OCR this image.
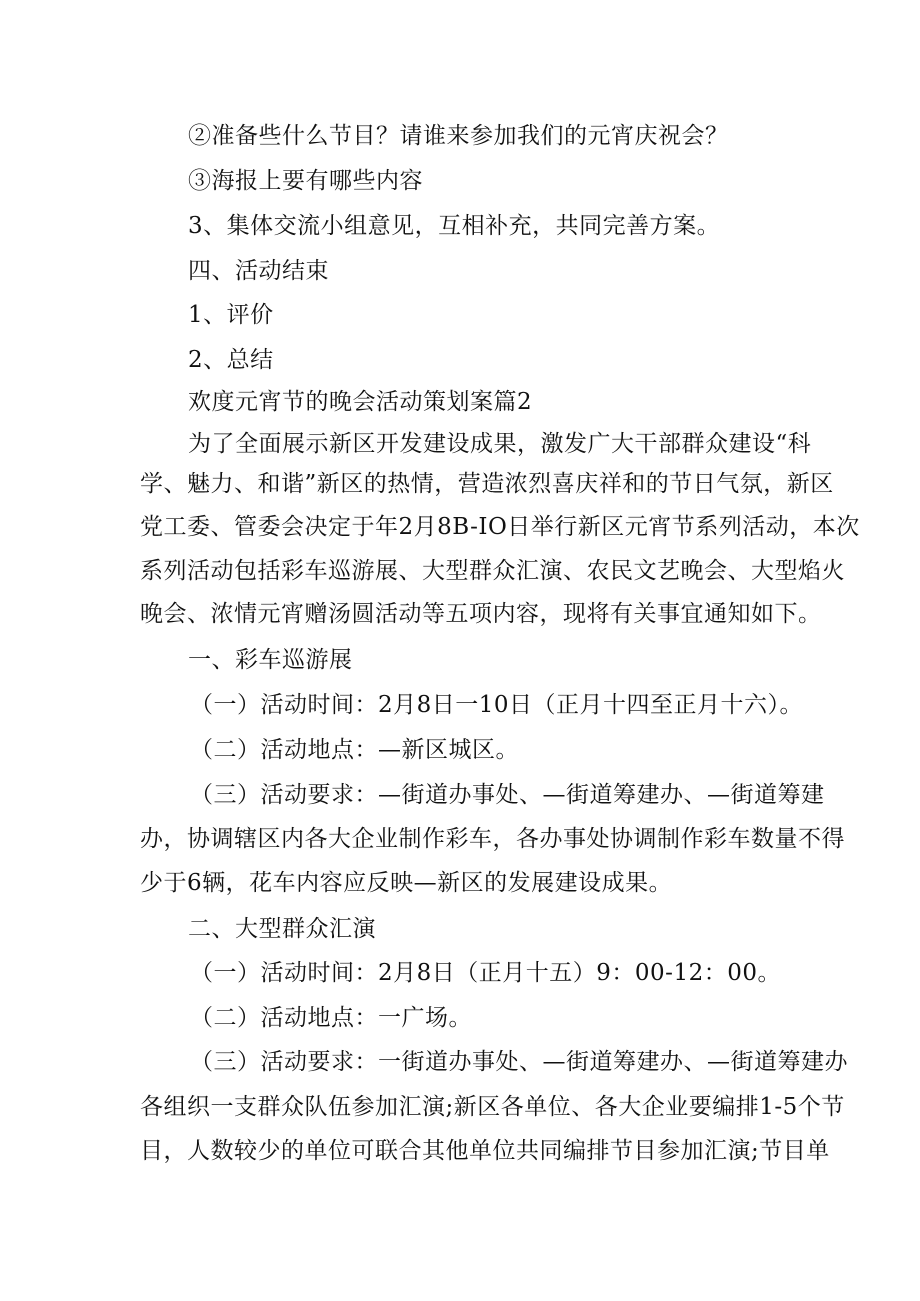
②准备些什么节目？请谁来参加我们的元宵庆祝会？
③海报上要有哪些内容
3、集体交流小组意见，互相补充，共同完善方案。
四、活动结束
1、评价
2、总结
欢度元宵节的晚会活动策划案篇2
为了全面展示新区开发建设成果，激发广大干部群众建设“科
学、魅力、和谐”新区的热情，营造浓烈喜庆祥和的节日气氛，新区
党工委、管委会决定于年2月8B-IO日举行新区元宵节系列活动，本次
系列活动包括彩车巡游展、大型群众汇演、农民文艺晚会、大型焰火
晚会、浓情元宵赠汤圆活动等五项内容，现将有关事宜通知如下。
一、彩车巡游展
（一）活动时间：2月8日一10日（正月十四至正月十六）。
（二）活动地点：—新区城区。
（三）活动要求：—街道办事处、—街道筹建办、—街道筹建
办，协调辖区内各大企业制作彩车，各办事处协调制作彩车数量不得
少于6辆，花车内容应反映—新区的发展建设成果。
二、大型群众汇演
（一）活动时间：2月8日（正月十五）9：00-12：00。
（二）活动地点：一广场。
（三）活动要求：一街道办事处、—街道筹建办、—街道筹建办
各组织一支群众队伍参加汇演;新区各单位、各大企业要编排1-5个节
目，人数较少的单位可联合其他单位共同编排节目参加汇演;节目单
